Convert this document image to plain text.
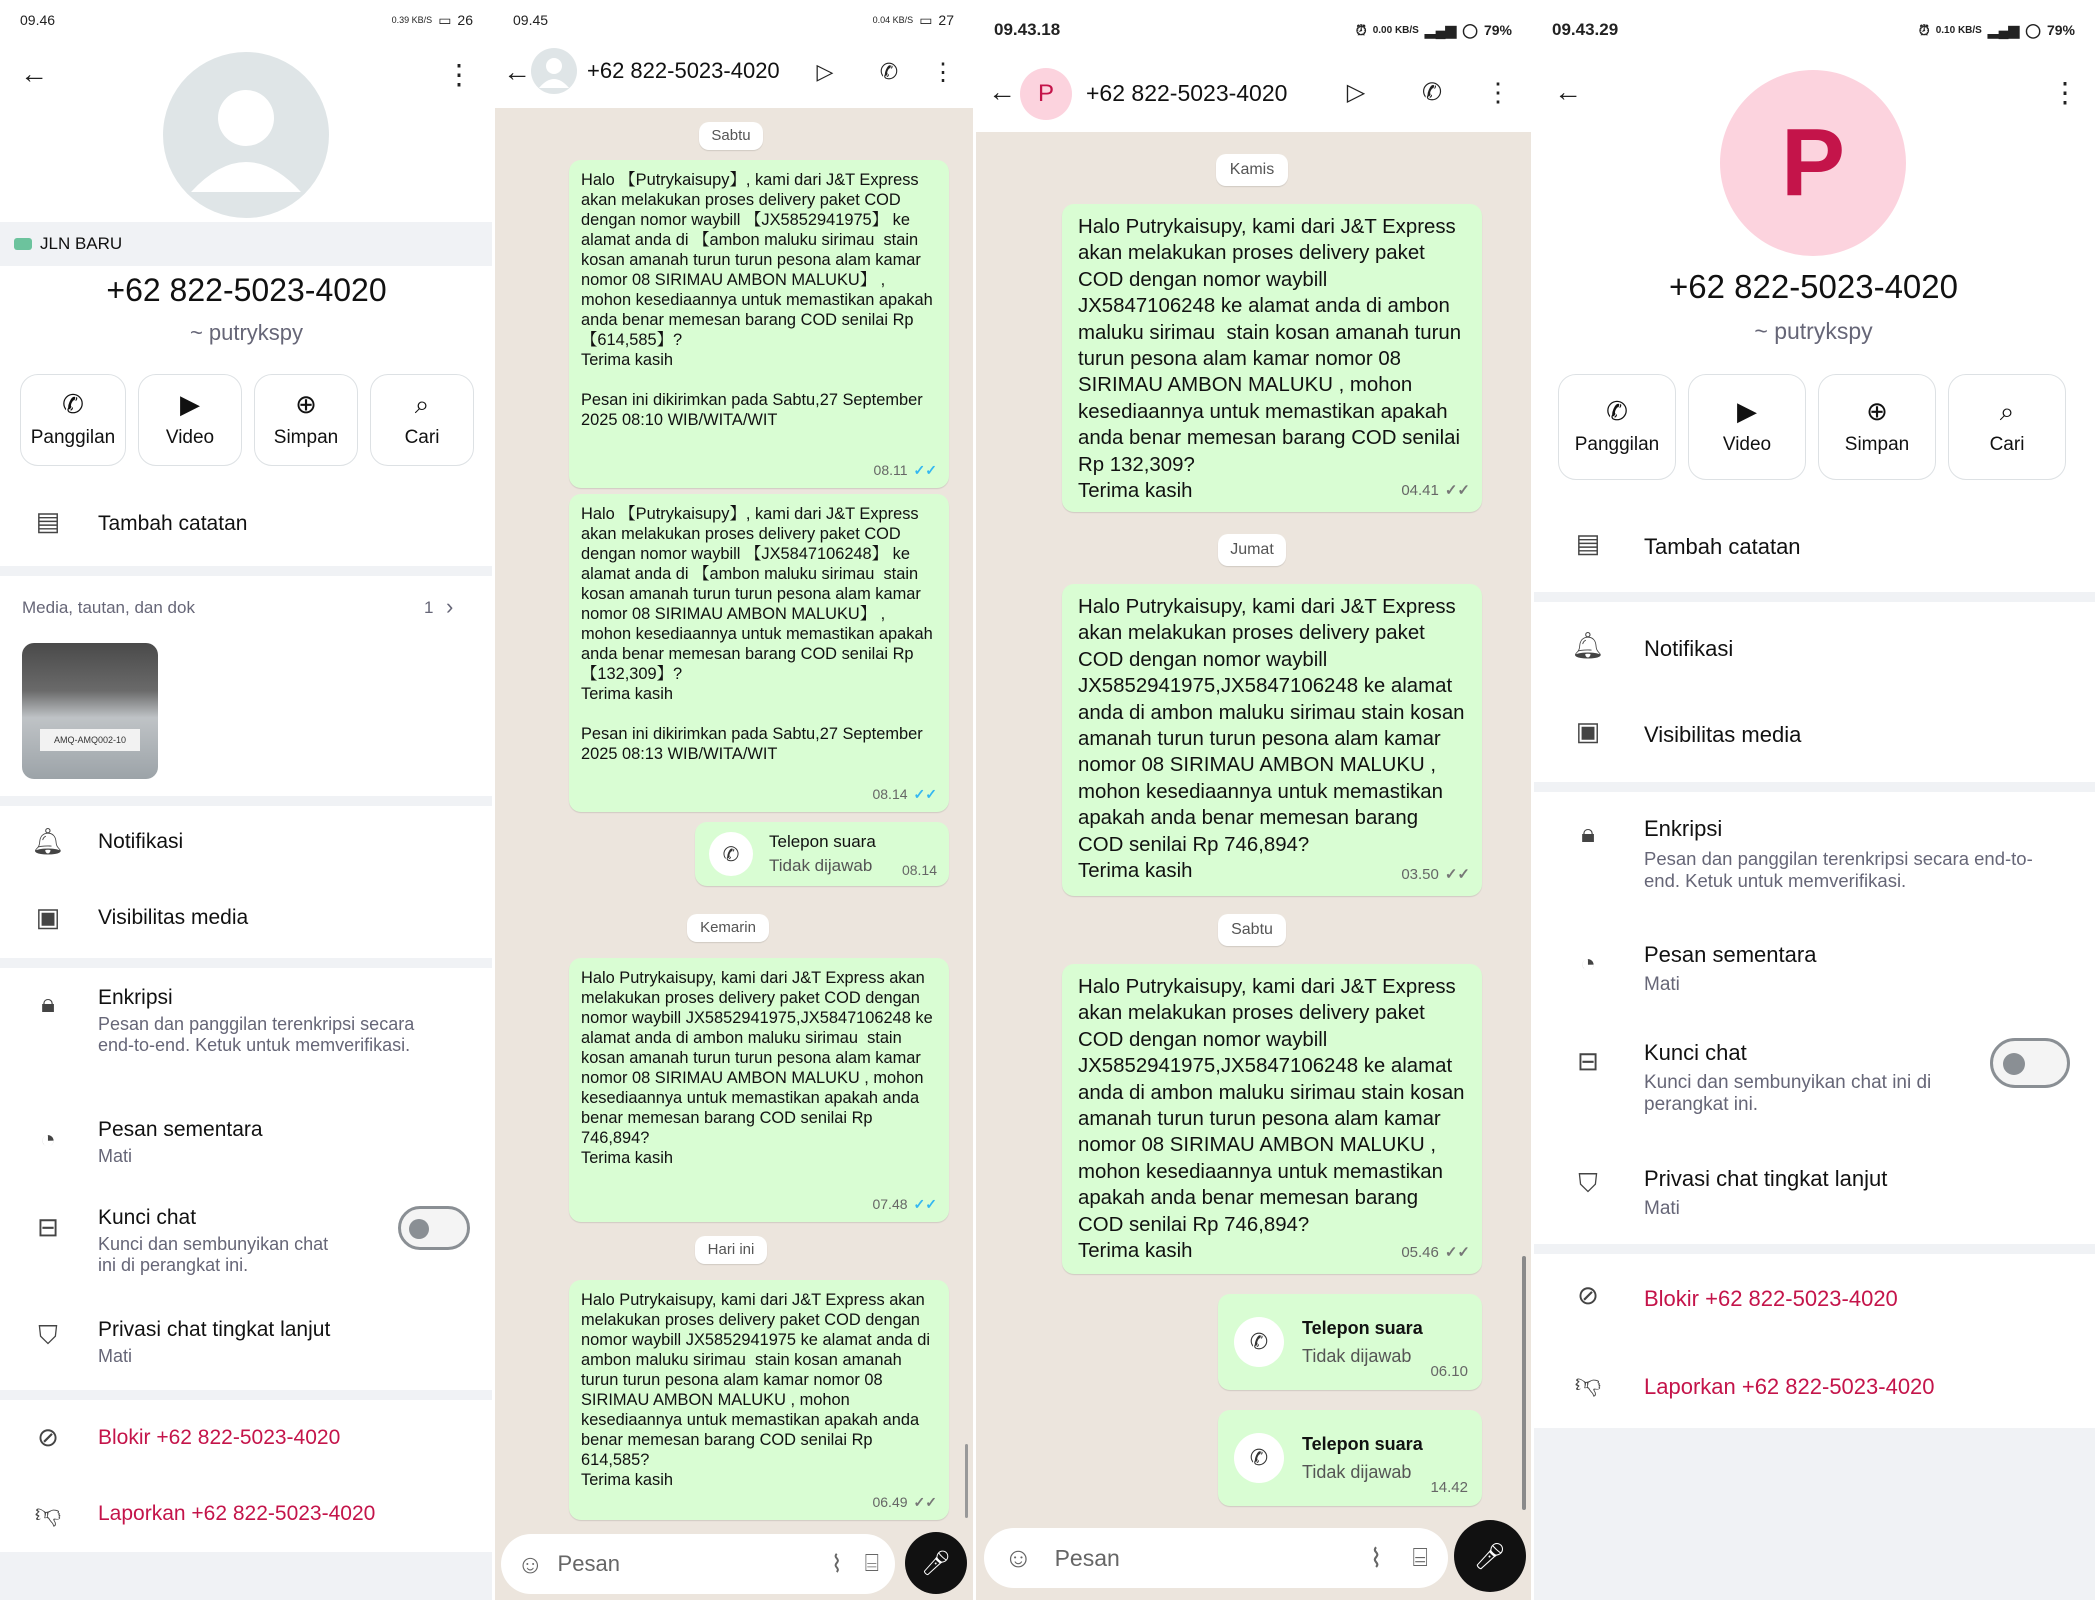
09.46	0.39 KB/S ▭ 26
←	⋮
JLN BARU
+62 822-5023-4020
~ putrykspy
✆
Panggilan
▶
Video
⊕
Simpan
⌕
Cari
▤ Tambah catatan
Media, tautan, dan dok	1 ›
AMQ-AMQ002-10
🔔︎ Notifikasi
▣ Visibilitas media
🔒︎	Enkripsi
Pesan dan panggilan terenkripsi secara end-to-end. Ketuk untuk memverifikasi.
◔	Pesan sementara
Mati
⊟	Kunci chat
Kunci dan sembunyikan chat ini di perangkat ini.
⛉	Privasi chat tingkat lanjut
Mati
⊘	Blokir +62 822-5023-4020
👎︎ Laporkan +62 822-5023-4020
09.45	0.04 KB/S ▭ 27
←	+62 822-5023-4020	▷	✆	⋮
Sabtu
Halo 【Putrykaisupy】, kami dari J&T Express akan melakukan proses delivery paket COD dengan nomor waybill 【JX5852941975】 ke alamat anda di 【ambon maluku sirimau  stain kosan amanah turun turun pesona alam kamar nomor 08 SIRIMAU AMBON MALUKU】 , mohon kesediaannya untuk memastikan apakah anda benar memesan barang COD senilai Rp 【614,585】?
Terima kasih

Pesan ini dikirimkan pada Sabtu,27 September 2025 08:10 WIB/WITA/WIT

08.11 ✓✓
Halo 【Putrykaisupy】, kami dari J&T Express akan melakukan proses delivery paket COD dengan nomor waybill 【JX5847106248】 ke alamat anda di 【ambon maluku sirimau  stain kosan amanah turun turun pesona alam kamar nomor 08 SIRIMAU AMBON MALUKU】 , mohon kesediaannya untuk memastikan apakah anda benar memesan barang COD senilai Rp 【132,309】?
Terima kasih

Pesan ini dikirimkan pada Sabtu,27 September 2025 08:13 WIB/WITA/WIT

08.14 ✓✓
✆
Telepon suara
Tidak dijawab 08.14
Kemarin
Halo Putrykaisupy, kami dari J&T Express akan melakukan proses delivery paket COD dengan nomor waybill JX5852941975,JX5847106248 ke alamat anda di ambon maluku sirimau  stain kosan amanah turun turun pesona alam kamar nomor 08 SIRIMAU AMBON MALUKU , mohon kesediaannya untuk memastikan apakah anda benar memesan barang COD senilai Rp 746,894?
Terima kasih

07.48 ✓✓
Hari ini
Halo Putrykaisupy, kami dari J&T Express akan melakukan proses delivery paket COD dengan nomor waybill JX5852941975 ke alamat anda di ambon maluku sirimau  stain kosan amanah turun turun pesona alam kamar nomor 08 SIRIMAU AMBON MALUKU , mohon kesediaannya untuk memastikan apakah anda benar memesan barang COD senilai Rp 614,585?
Terima kasih

06.49 ✓✓
☺ Pesan	⌇ ⌸ 🎤︎
09.43.18	⏰︎ 0.00 KB/S ▂▄▆ ◯ 79%
← P +62 822-5023-4020	▷	✆	⋮
Kamis
Halo Putrykaisupy, kami dari J&T Express akan melakukan proses delivery paket COD dengan nomor waybill JX5847106248 ke alamat anda di ambon maluku sirimau  stain kosan amanah turun turun pesona alam kamar nomor 08 SIRIMAU AMBON MALUKU , mohon kesediaannya untuk memastikan apakah anda benar memesan barang COD senilai Rp 132,309?
Terima kasih
	04.41 ✓✓
Jumat
Halo Putrykaisupy, kami dari J&T Express akan melakukan proses delivery paket COD dengan nomor waybill JX5852941975,JX5847106248 ke alamat anda di ambon maluku sirimau stain kosan amanah turun turun pesona alam kamar nomor 08 SIRIMAU AMBON MALUKU , mohon kesediaannya untuk memastikan apakah anda benar memesan barang COD senilai Rp 746,894?
Terima kasih
	03.50 ✓✓
Sabtu
Halo Putrykaisupy, kami dari J&T Express akan melakukan proses delivery paket COD dengan nomor waybill JX5852941975,JX5847106248 ke alamat anda di ambon maluku sirimau stain kosan amanah turun turun pesona alam kamar nomor 08 SIRIMAU AMBON MALUKU , mohon kesediaannya untuk memastikan apakah anda benar memesan barang COD senilai Rp 746,894?
Terima kasih
	05.46 ✓✓
✆
Telepon suara
Tidak dijawab
06.10
✆
Telepon suara
Tidak dijawab
14.42
☺ Pesan	⌇ ⌸ 🎤︎
09.43.29	⏰︎ 0.10 KB/S ▂▄▆ ◯ 79%
←	⋮
P
+62 822-5023-4020
~ putrykspy
✆
Panggilan
▶
Video
⊕
Simpan
⌕
Cari
▤ Tambah catatan
🔔︎ Notifikasi
▣ Visibilitas media
🔒︎	Enkripsi
Pesan dan panggilan terenkripsi secara end-to-end. Ketuk untuk memverifikasi.
◔	Pesan sementara
Mati
⊟	Kunci chat
Kunci dan sembunyikan chat ini di perangkat ini.
⛉	Privasi chat tingkat lanjut
Mati
⊘	Blokir +62 822-5023-4020
👎︎ Laporkan +62 822-5023-4020
